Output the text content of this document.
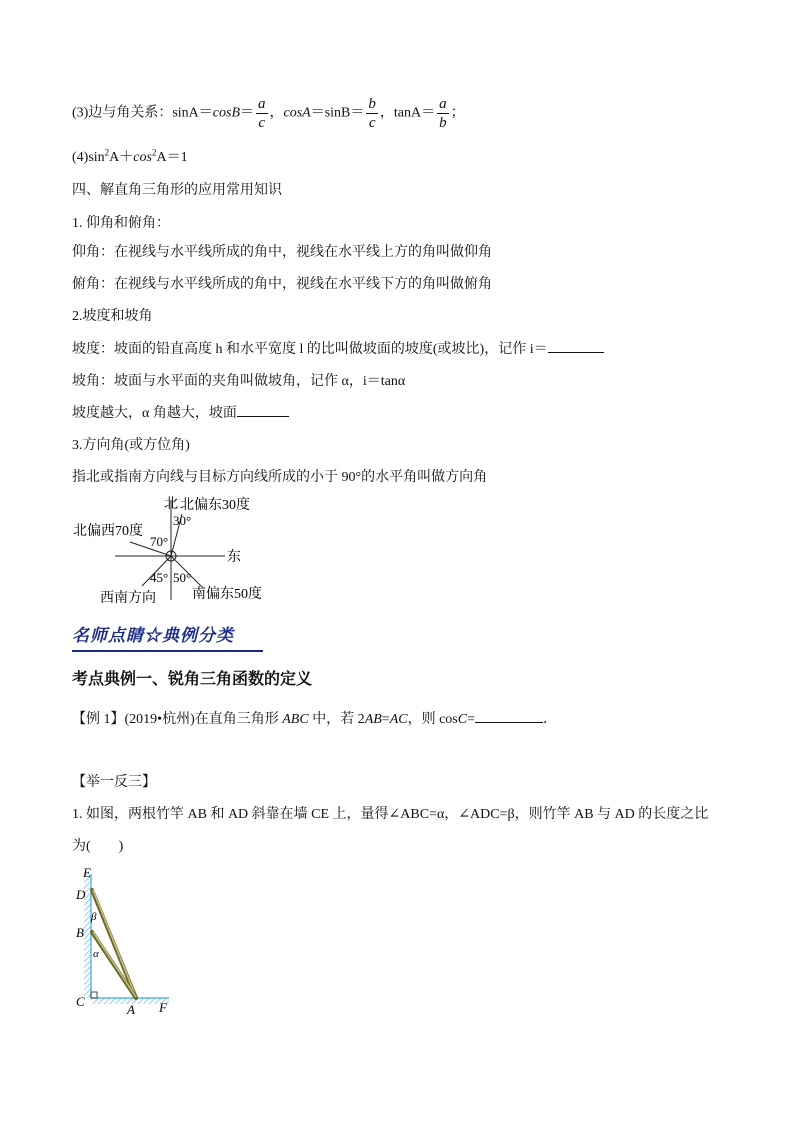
(3)边与角关系：$\sin A=\cos B= \frac{a}{c}$ ，$\cos A=\sin B= \frac{b}{c}$ ，$\tan A= \frac{a}{b}$ ；
$(4)\sin^2A+\cos^2A=1$
四、解直角三角形的应用常用知识
1. 仰角和俯角：
仰角：在视线与水平线所成的角中，视线在水平线上方的角叫做仰角
俯角：在视线与水平线所成的角中，视线在水平线下方的角叫做俯角
2.坡度和坡角
坡度：坡面的铅直高度 h 和水平宽度 l 的比叫做坡面的坡度(或坡比)，记作 i＝
坡角：坡面与水平面的夹角叫做坡角，记作 α，i＝tanα
坡度越大，α 角越大，坡面
3.方向角(或方位角)
指北或指南方向线与目标方向线所成的小于 90°的水平角叫做方向角
北 北偏东30度
30°
北偏西70度
70°
东
45° 50°
西南方向	南偏东50度
名师点睛☆典例分类
考点典例一、锐角三角函数的定义
【例 1】(2019•杭州)在直角三角形 ABC 中，若 2AB=AC，则 cosC=	．
【举一反三】
1. 如图，两根竹竿 AB 和 AD 斜靠在墙 CE 上，量得∠ABC=α，∠ADC=β，则竹竿 AB 与 AD 的长度之比
为(　　)
E
D
β
B
α
C
A F
